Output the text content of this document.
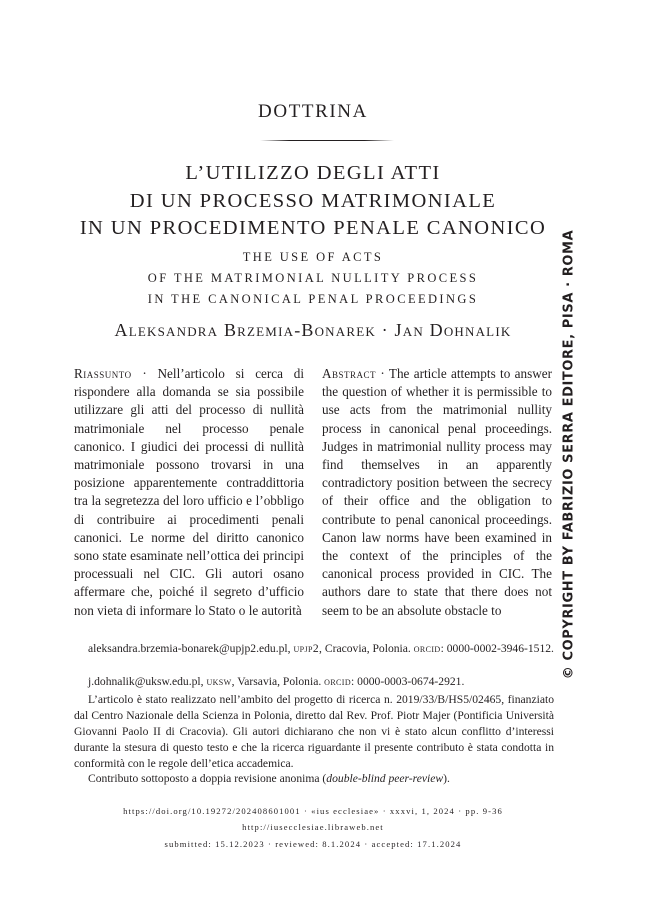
DOTTRINA
L’UTILIZZO DEGLI ATTI
DI UN PROCESSO MATRIMONIALE
IN UN PROCEDIMENTO PENALE CANONICO
THE USE OF ACTS
OF THE MATRIMONIAL NULLITY PROCESS
IN THE CANONICAL PENAL PROCEEDINGS
Aleksandra Brzemia-Bonarek · Jan Dohnalik
Riassunto · Nell’articolo si cerca di rispondere alla domanda se sia possibile utilizzare gli atti del processo di nullità matrimoniale nel processo penale canonico. I giudici dei processi di nullità matrimoniale possono trovarsi in una posizione apparentemente contraddittoria tra la segretezza del loro ufficio e l’obbligo di contribuire ai procedimenti penali canonici. Le norme del diritto canonico sono state esaminate nell’ottica dei principi processuali nel CIC. Gli autori osano affermare che, poiché il segreto d’ufficio non vieta di informare lo Stato o le autorità
Abstract · The article attempts to answer the question of whether it is permissible to use acts from the matrimonial nullity process in canonical penal proceedings. Judges in matrimonial nullity process may find themselves in an apparently contradictory position between the secrecy of their office and the obligation to contribute to penal canonical proceedings. Canon law norms have been examined in the context of the principles of the canonical process provided in CIC. The authors dare to state that there does not seem to be an absolute obstacle to
aleksandra.brzemia-bonarek@upjp2.edu.pl, upjp2, Cracovia, Polonia. orcid: 0000-0002-3946-1512.
j.dohnalik@uksw.edu.pl, uksw, Varsavia, Polonia. orcid: 0000-0003-0674-2921.
L’articolo è stato realizzato nell’ambito del progetto di ricerca n. 2019/33/B/HS5/02465, finanziato dal Centro Nazionale della Scienza in Polonia, diretto dal Rev. Prof. Piotr Majer (Pontificia Università Giovanni Paolo II di Cracovia). Gli autori dichiarano che non vi è stato alcun conflitto d’interessi durante la stesura di questo testo e che la ricerca riguardante il presente contributo è stata condotta in conformità con le regole dell’etica accademica.
Contributo sottoposto a doppia revisione anonima (double-blind peer-review).
https://doi.org/10.19272/202408601001 · «ius ecclesiae» · xxxvi, 1, 2024 · pp. 9-36
http://iusecclesiae.libraweb.net
submitted: 15.12.2023 · reviewed: 8.1.2024 · accepted: 17.1.2024
© COPYRIGHT BY FABRIZIO SERRA EDITORE, PISA · ROMA
